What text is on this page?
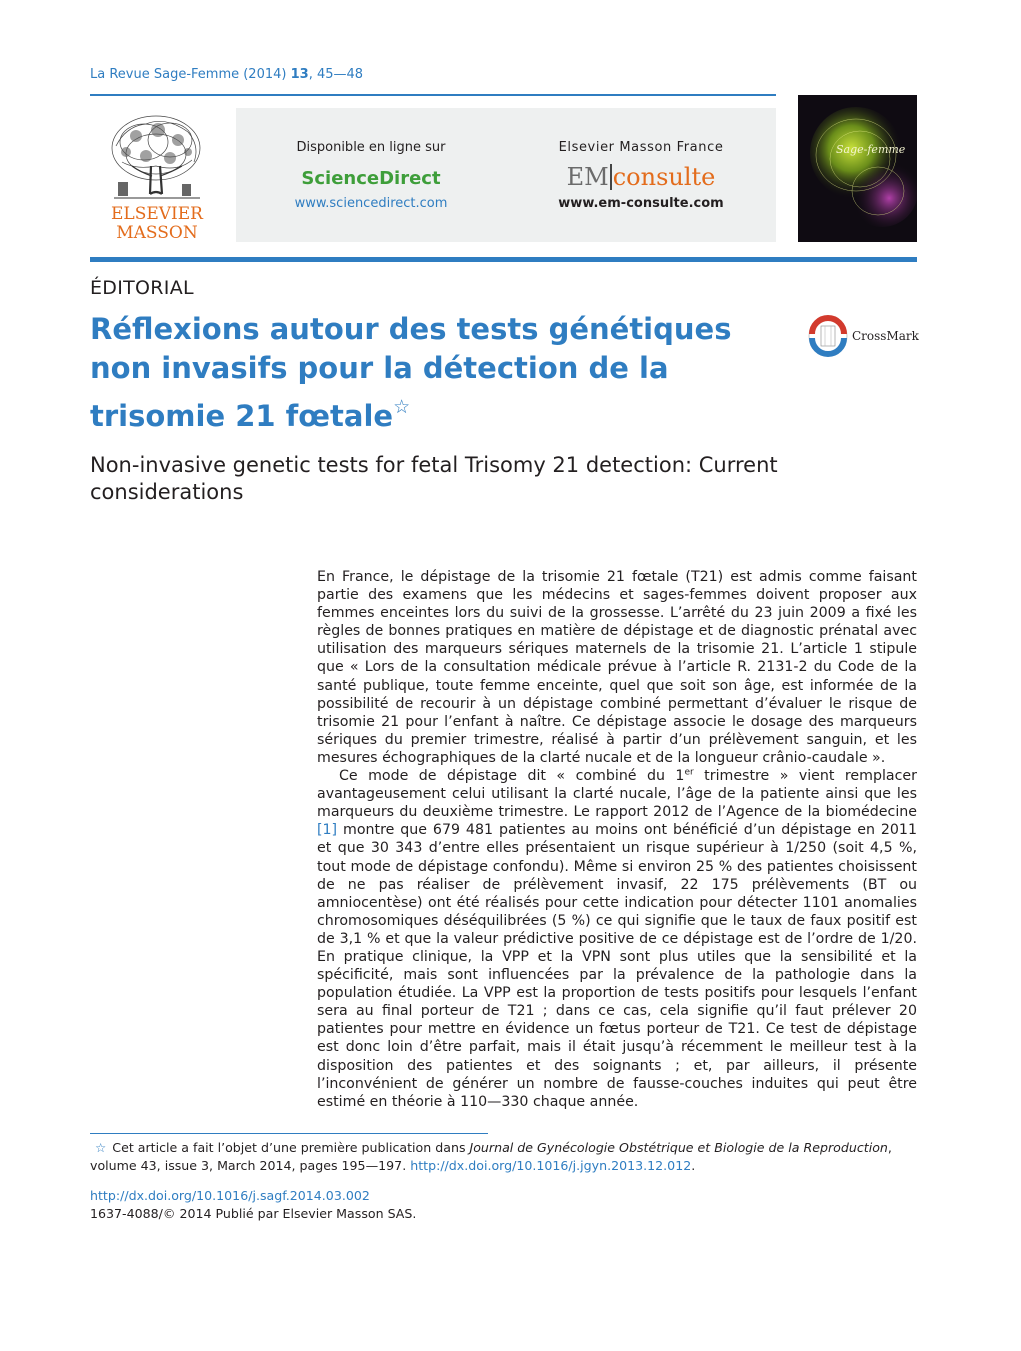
La Revue Sage-Femme (2014) 13, 45—48
ELSEVIER
MASSON
Disponible en ligne sur
ScienceDirect
www.sciencedirect.com
Elsevier Masson France
EM consulte
www.em-consulte.com
Sage-femme
ÉDITORIAL
Réflexions autour des tests génétiques non invasifs pour la détection de la trisomie 21 fœtale☆
CrossMark
Non-invasive genetic tests for fetal Trisomy 21 detection: Current considerations

En France, le dépistage de la trisomie 21 fœtale (T21) est admis comme faisant partie des examens que les médecins et sages-femmes doivent proposer aux femmes enceintes lors du suivi de la grossesse. L’arrêté du 23 juin 2009 a fixé les règles de bonnes pratiques en matière de dépistage et de diagnostic prénatal avec utilisation des marqueurs sériques maternels de la trisomie 21. L’article 1 stipule que « Lors de la consultation médicale prévue à l’article R. 2131-2 du Code de la santé publique, toute femme enceinte, quel que soit son âge, est informée de la possibilité de recourir à un dépistage combiné permettant d’évaluer le risque de trisomie 21 pour l’enfant à naître. Ce dépistage associe le dosage des marqueurs sériques du premier trimestre, réalisé à partir d’un prélèvement sanguin, et les mesures échographiques de la clarté nucale et de la longueur crânio-caudale ».

Ce mode de dépistage dit « combiné du 1er trimestre » vient remplacer avantageusement celui utilisant la clarté nucale, l’âge de la patiente ainsi que les marqueurs du deuxième trimestre. Le rapport 2012 de l’Agence de la biomédecine [1] montre que 679 481 patientes au moins ont bénéficié d’un dépistage en 2011 et que 30 343 d’entre elles présentaient un risque supérieur à 1/250 (soit 4,5 %, tout mode de dépistage confondu). Même si environ 25 % des patientes choisissent de ne pas réaliser de prélèvement invasif, 22 175 prélèvements (BT ou amniocentèse) ont été réalisés pour cette indication pour détecter 1101 anomalies chromosomiques déséquilibrées (5 %) ce qui signifie que le taux de faux positif est de 3,1 % et que la valeur prédictive positive de ce dépistage est de l’ordre de 1/20. En pratique clinique, la VPP et la VPN sont plus utiles que la sensibilité et la spécificité, mais sont influencées par la prévalence de la pathologie dans la population étudiée. La VPP est la proportion de tests positifs pour lesquels l’enfant sera au final porteur de T21 ; dans ce cas, cela signifie qu’il faut prélever 20 patientes pour mettre en évidence un fœtus porteur de T21. Ce test de dépistage est donc loin d’être parfait, mais il était jusqu’à récemment le meilleur test à la disposition des patientes et des soignants ; et, par ailleurs, il présente l’inconvénient de générer un nombre de fausse-couches induites qui peut être estimé en théorie à 110—330 chaque année.

☆ Cet article a fait l’objet d’une première publication dans Journal de Gynécologie Obstétrique et Biologie de la Reproduction, volume 43, issue 3, March 2014, pages 195—197. http://dx.doi.org/10.1016/j.jgyn.2013.12.012.
http://dx.doi.org/10.1016/j.sagf.2014.03.002
1637-4088/© 2014 Publié par Elsevier Masson SAS.
